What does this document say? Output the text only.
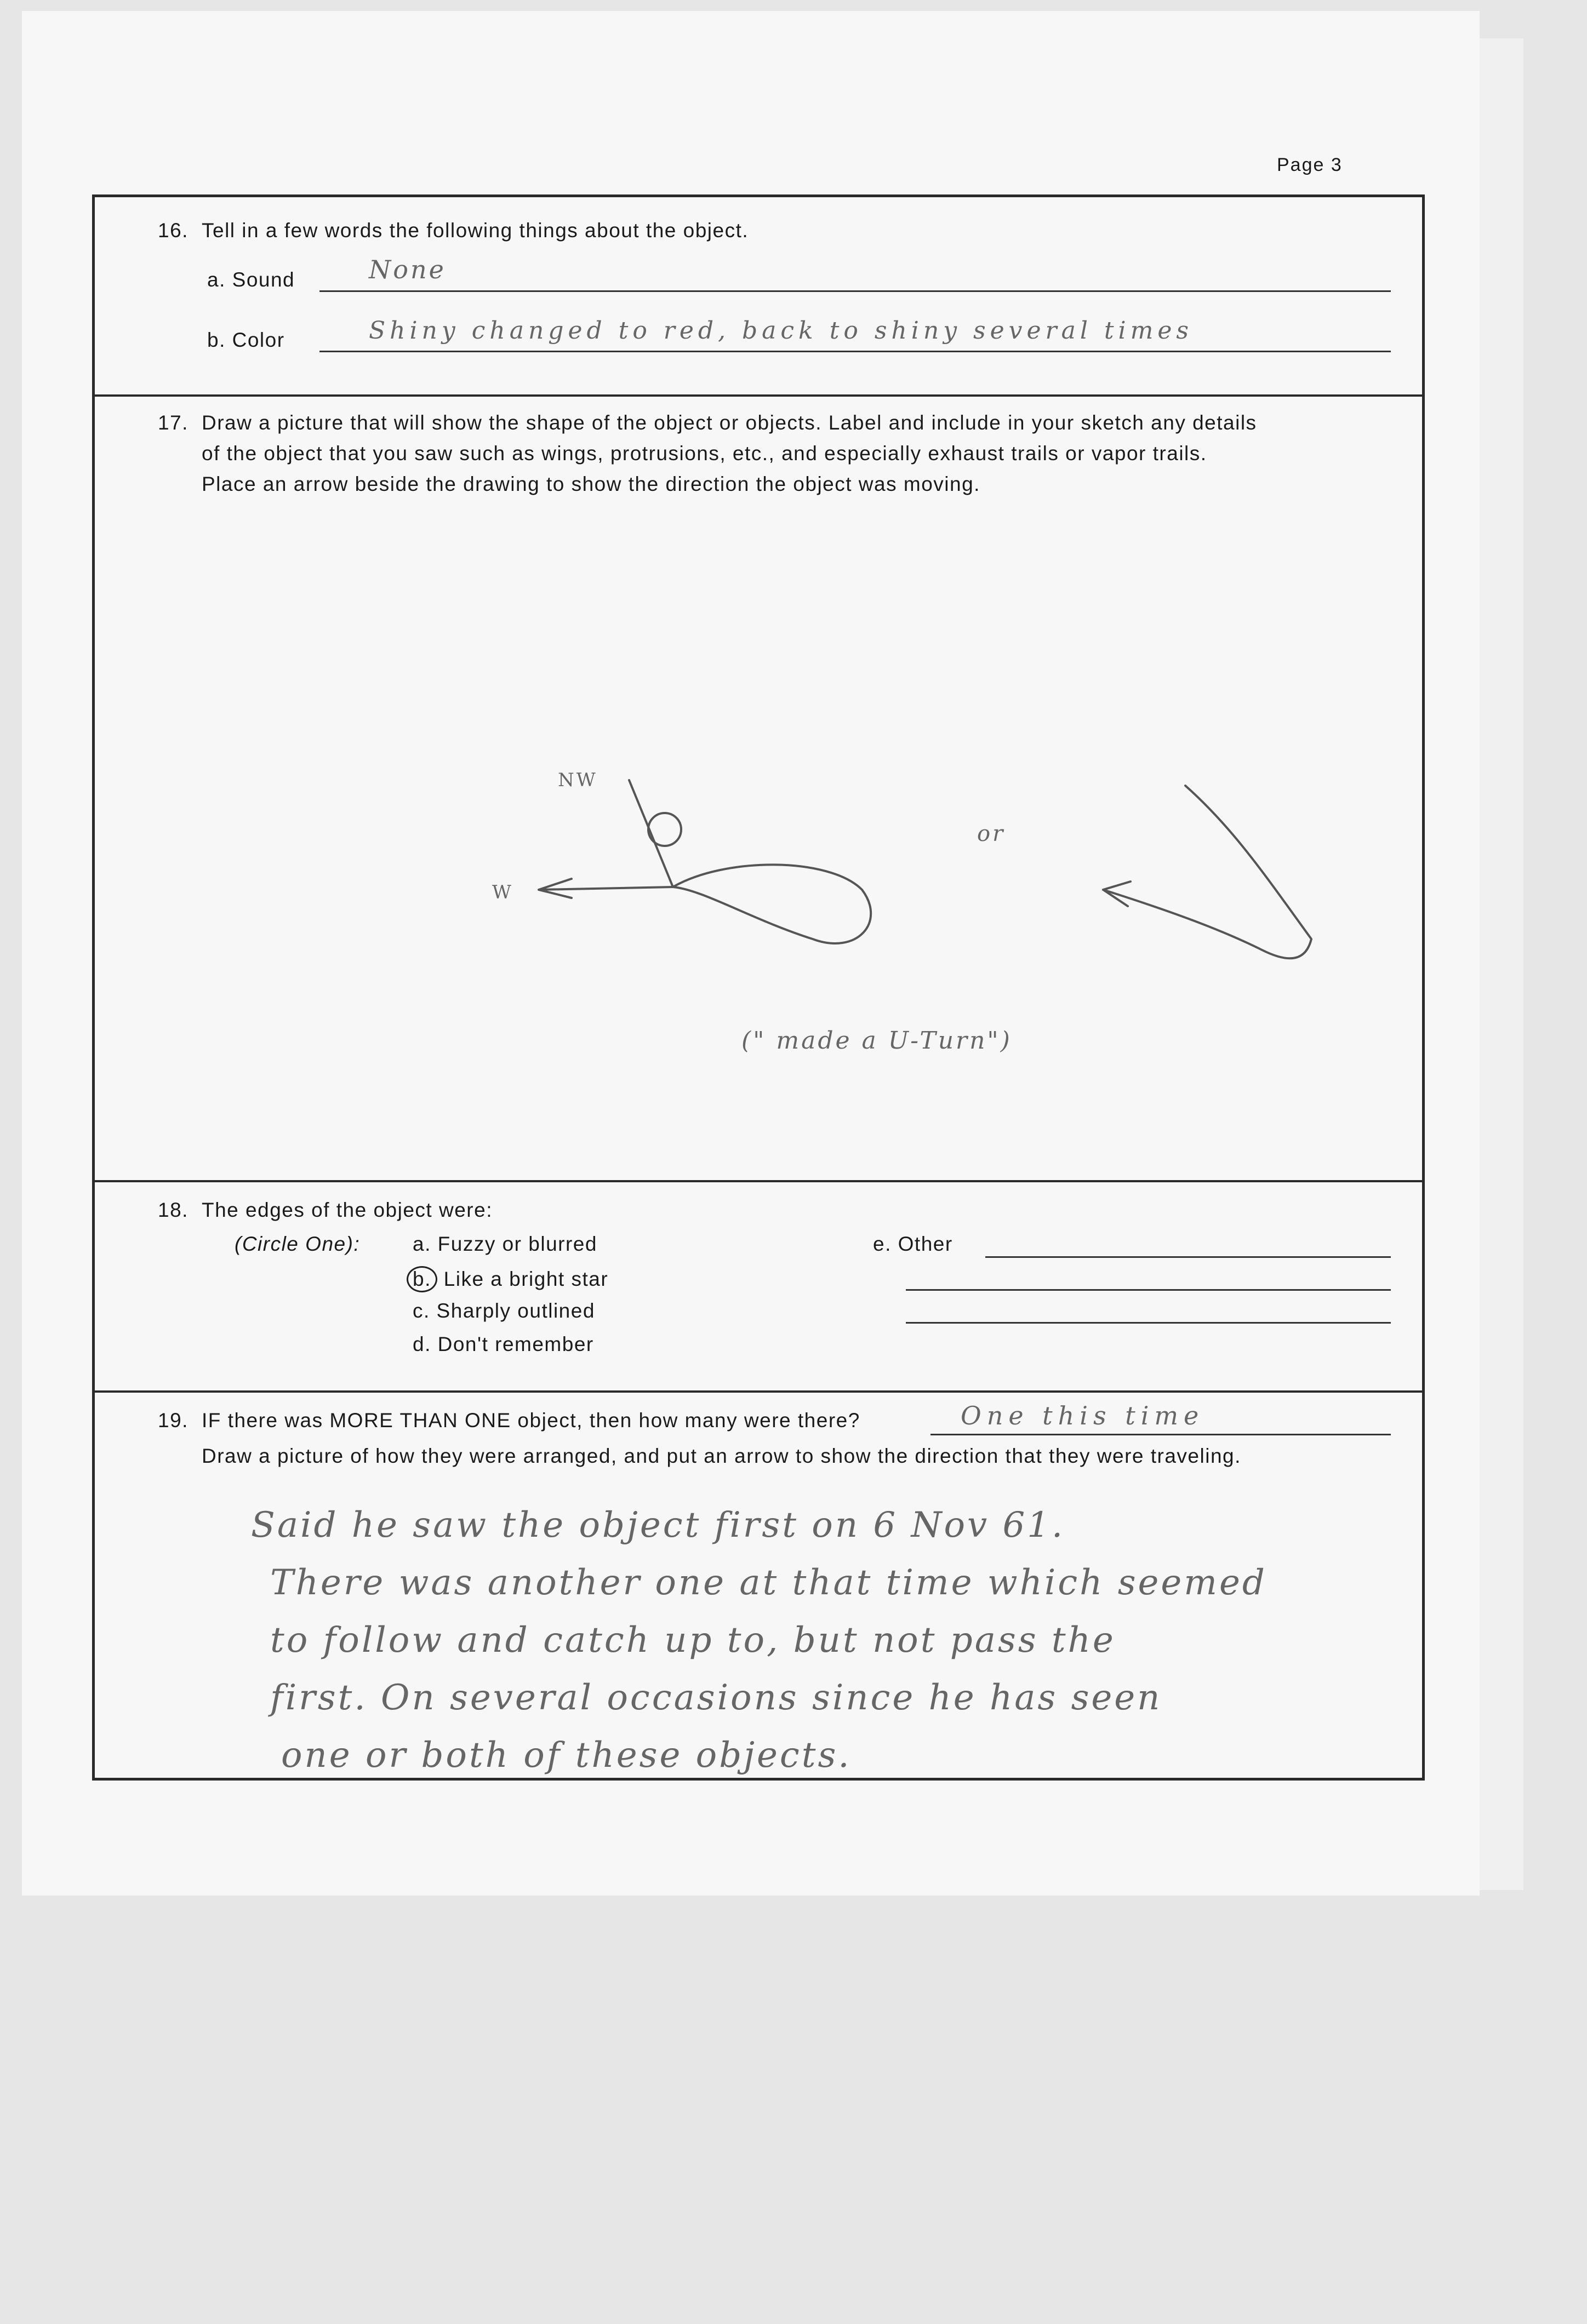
Page 3
16. Tell in a few words the following things about the object.
a. Sound	None
b. Color	Shiny changed to red, back to shiny several times
17. Draw a picture that will show the shape of the object or objects. Label and include in your sketch any details
of the object that you saw such as wings, protrusions, etc., and especially exhaust trails or vapor trails.
Place an arrow beside the drawing to show the direction the object was moving.
NW
W
or
(" made a U-Turn")
18. The edges of the object were:
(Circle One):	a. Fuzzy or blurred
b. Like a bright star
c. Sharply outlined
d. Don't remember
e. Other
19. IF there was MORE THAN ONE object, then how many were there?	One this time
Draw a picture of how they were arranged, and put an arrow to show the direction that they were traveling.
Said he saw the object first on 6 Nov 61.
There was another one at that time which seemed
to follow and catch up to, but not pass the
first. On several occasions since he has seen
one or both of these objects.
